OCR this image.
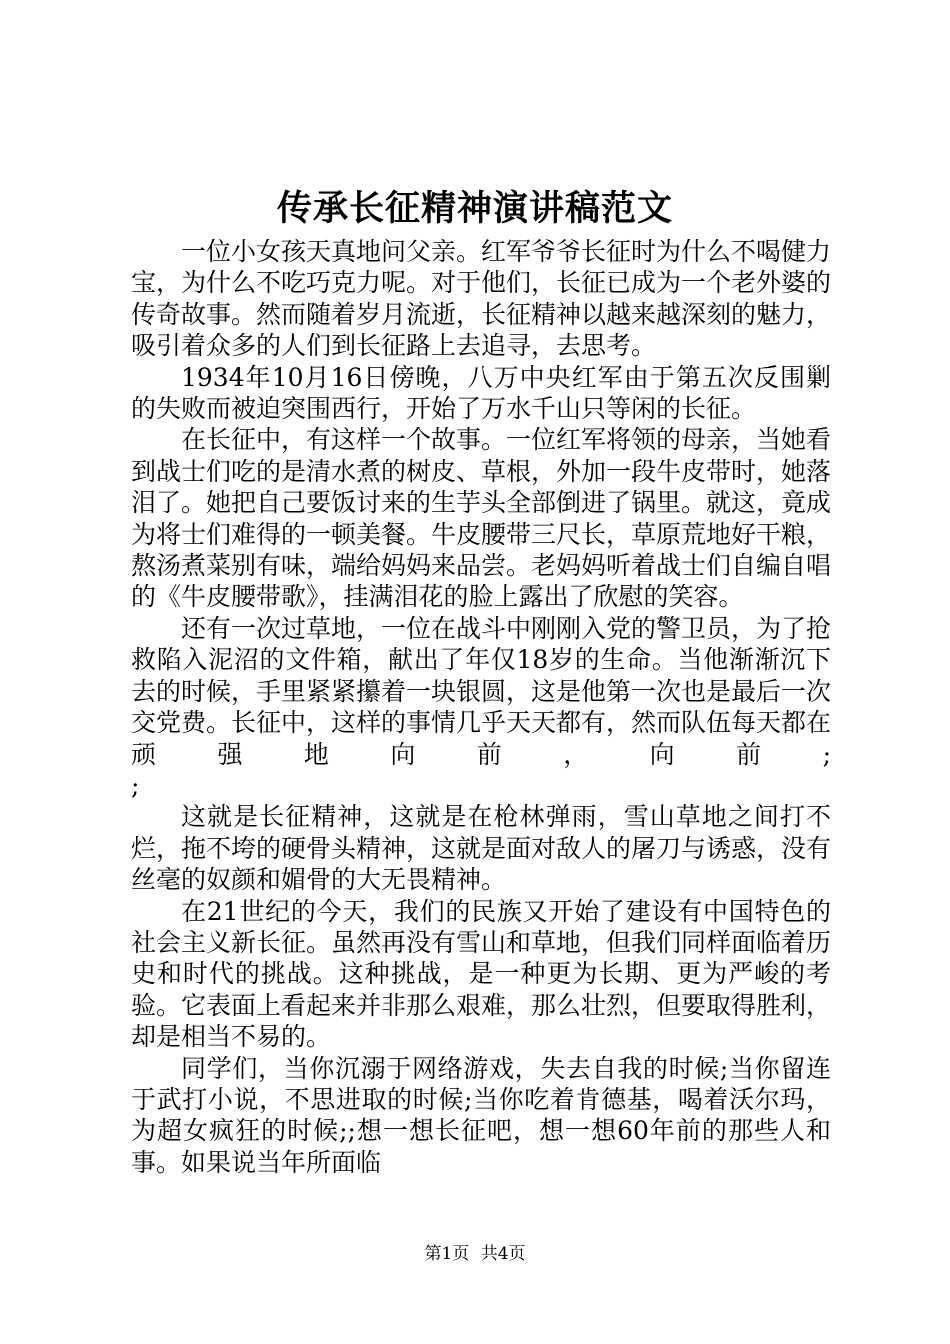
传承长征精神演讲稿范文

一位小女孩天真地问父亲。红军爷爷长征时为什么不喝健力宝，为什么不吃巧克力呢。对于他们，长征已成为一个老外婆的传奇故事。然而随着岁月流逝，长征精神以越来越深刻的魅力，吸引着众多的人们到长征路上去追寻，去思考。

1934年10月16日傍晚，八万中央红军由于第五次反围剿的失败而被迫突围西行，开始了万水千山只等闲的长征。

在长征中，有这样一个故事。一位红军将领的母亲，当她看到战士们吃的是清水煮的树皮、草根，外加一段牛皮带时，她落泪了。她把自己要饭讨来的生芋头全部倒进了锅里。就这，竟成为将士们难得的一顿美餐。牛皮腰带三尺长，草原荒地好干粮，熬汤煮菜别有味，端给妈妈来品尝。老妈妈听着战士们自编自唱的《牛皮腰带歌》，挂满泪花的脸上露出了欣慰的笑容。

还有一次过草地，一位在战斗中刚刚入党的警卫员，为了抢救陷入泥沼的文件箱，献出了年仅18岁的生命。当他渐渐沉下去的时候，手里紧紧攥着一块银圆，这是他第一次也是最后一次交党费。长征中，这样的事情几乎天天都有，然而队伍每天都在顽强地向前，向前;

;

这就是长征精神，这就是在枪林弹雨，雪山草地之间打不烂，拖不垮的硬骨头精神，这就是面对敌人的屠刀与诱惑，没有丝毫的奴颜和媚骨的大无畏精神。

在21世纪的今天，我们的民族又开始了建设有中国特色的社会主义新长征。虽然再没有雪山和草地，但我们同样面临着历史和时代的挑战。这种挑战，是一种更为长期、更为严峻的考验。它表面上看起来并非那么艰难，那么壮烈，但要取得胜利，却是相当不易的。

同学们，当你沉溺于网络游戏，失去自我的时候;当你留连于武打小说，不思进取的时候;当你吃着肯德基，喝着沃尔玛，为超女疯狂的时候;;想一想长征吧，想一想60年前的那些人和事。如果说当年所面临

第1页 共4页
